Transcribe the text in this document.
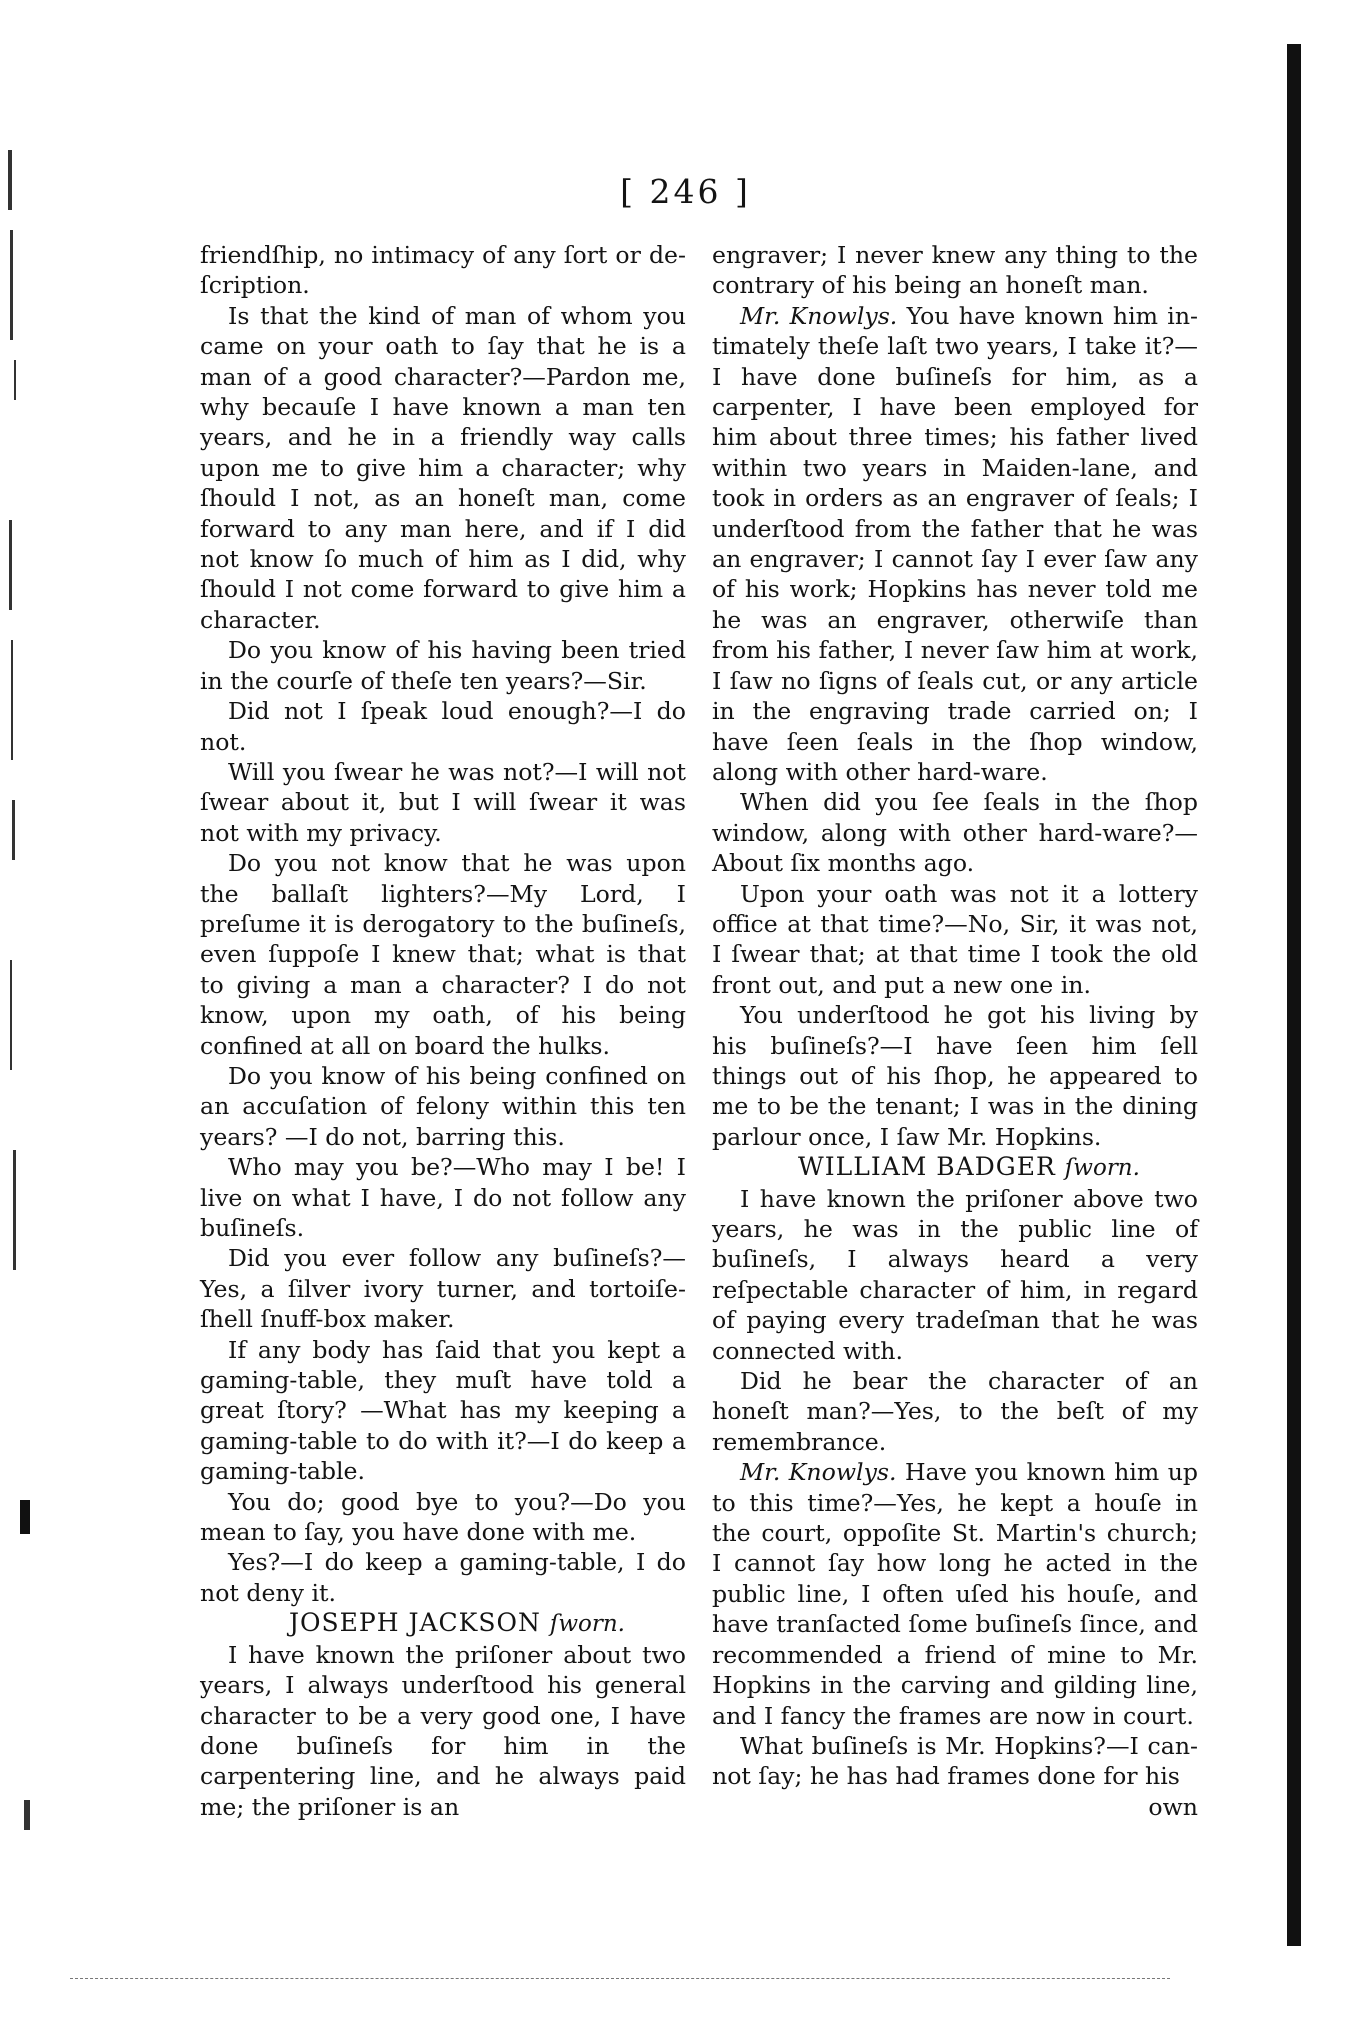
[ 246 ]

friendſhip, no intimacy of any ſort or deſcription.

Is that the kind of man of whom you came on your oath to ſay that he is a man of a good character?—Pardon me, why becauſe I have known a man ten years, and he in a friendly way calls upon me to give him a character; why ſhould I not, as an honeſt man, come forward to any man here, and if I did not know ſo much of him as I did, why ſhould I not come forward to give him a character.

Do you know of his having been tried in the courſe of theſe ten years?—Sir.

Did not I ſpeak loud enough?—I do not.

Will you ſwear he was not?—I will not ſwear about it, but I will ſwear it was not with my privacy.

Do you not know that he was upon the ballaſt lighters?—My Lord, I preſume it is derogatory to the buſineſs, even ſuppoſe I knew that; what is that to giving a man a character? I do not know, upon my oath, of his being confined at all on board the hulks.

Do you know of his being confined on an accuſation of felony within this ten years? —I do not, barring this.

Who may you be?—Who may I be! I live on what I have, I do not follow any buſineſs.

Did you ever follow any buſineſs?—Yes, a ſilver ivory turner, and tortoiſe-ſhell ſnuff-box maker.

If any body has ſaid that you kept a gaming-table, they muſt have told a great ſtory? —What has my keeping a gaming-table to do with it?—I do keep a gaming-table.

You do; good bye to you?—Do you mean to ſay, you have done with me.

Yes?—I do keep a gaming-table, I do not deny it.

JOSEPH JACKSON ſworn.

I have known the priſoner about two years, I always underſtood his general character to be a very good one, I have done buſineſs for him in the carpentering line, and he always paid me; the priſoner is an

engraver; I never knew any thing to the contrary of his being an honeſt man.

Mr. Knowlys. You have known him intimately theſe laſt two years, I take it?—I have done buſineſs for him, as a carpenter, I have been employed for him about three times; his father lived within two years in Maiden-lane, and took in orders as an engraver of ſeals; I underſtood from the father that he was an engraver; I cannot ſay I ever ſaw any of his work; Hopkins has never told me he was an engraver, otherwiſe than from his father, I never ſaw him at work, I ſaw no ſigns of ſeals cut, or any article in the engraving trade carried on; I have ſeen ſeals in the ſhop window, along with other hard-ware.

When did you ſee ſeals in the ſhop window, along with other hard-ware?—About ſix months ago.

Upon your oath was not it a lottery office at that time?—No, Sir, it was not, I ſwear that; at that time I took the old front out, and put a new one in.

You underſtood he got his living by his buſineſs?—I have ſeen him ſell things out of his ſhop, he appeared to me to be the tenant; I was in the dining parlour once, I ſaw Mr. Hopkins.

WILLIAM BADGER ſworn.

I have known the priſoner above two years, he was in the public line of buſineſs, I always heard a very reſpectable character of him, in regard of paying every tradeſman that he was connected with.

Did he bear the character of an honeſt man?—Yes, to the beſt of my remembrance.

Mr. Knowlys. Have you known him up to this time?—Yes, he kept a houſe in the court, oppoſite St. Martin's church; I cannot ſay how long he acted in the public line, I often uſed his houſe, and have tranſacted ſome buſineſs ſince, and recommended a friend of mine to Mr. Hopkins in the carving and gilding line, and I fancy the frames are now in court.

What buſineſs is Mr. Hopkins?—I cannot ſay; he has had frames done for his

own
